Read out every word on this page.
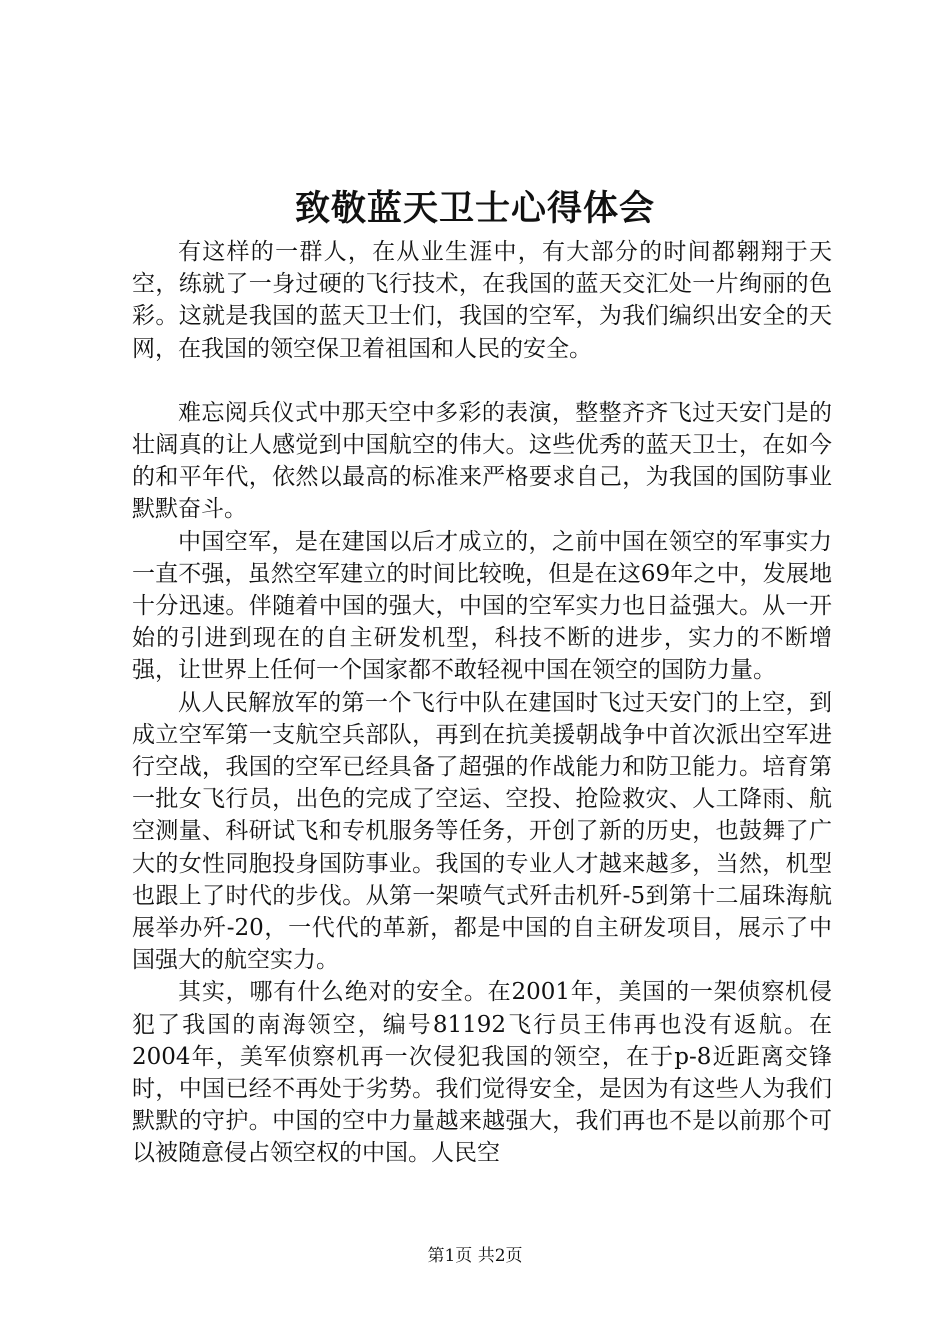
致敬蓝天卫士心得体会

有这样的一群人，在从业生涯中，有大部分的时间都翱翔于天空，练就了一身过硬的飞行技术，在我国的蓝天交汇处一片绚丽的色彩。这就是我国的蓝天卫士们，我国的空军，为我们编织出安全的天网，在我国的领空保卫着祖国和人民的安全。

难忘阅兵仪式中那天空中多彩的表演，整整齐齐飞过天安门是的壮阔真的让人感觉到中国航空的伟大。这些优秀的蓝天卫士，在如今的和平年代，依然以最高的标准来严格要求自己，为我国的国防事业默默奋斗。

中国空军，是在建国以后才成立的，之前中国在领空的军事实力一直不强，虽然空军建立的时间比较晚，但是在这69年之中，发展地十分迅速。伴随着中国的强大，中国的空军实力也日益强大。从一开始的引进到现在的自主研发机型，科技不断的进步，实力的不断增强，让世界上任何一个国家都不敢轻视中国在领空的国防力量。

从人民解放军的第一个飞行中队在建国时飞过天安门的上空，到成立空军第一支航空兵部队，再到在抗美援朝战争中首次派出空军进行空战，我国的空军已经具备了超强的作战能力和防卫能力。培育第一批女飞行员，出色的完成了空运、空投、抢险救灾、人工降雨、航空测量、科研试飞和专机服务等任务，开创了新的历史，也鼓舞了广大的女性同胞投身国防事业。我国的专业人才越来越多，当然，机型也跟上了时代的步伐。从第一架喷气式歼击机歼-5到第十二届珠海航展举办歼-20，一代代的革新，都是中国的自主研发项目，展示了中国强大的航空实力。

其实，哪有什么绝对的安全。在2001年，美国的一架侦察机侵犯了我国的南海领空，编号81192飞行员王伟再也没有返航。在2004年，美军侦察机再一次侵犯我国的领空，在于p-8近距离交锋时，中国已经不再处于劣势。我们觉得安全，是因为有这些人为我们默默的守护。中国的空中力量越来越强大，我们再也不是以前那个可以被随意侵占领空权的中国。人民空

第1页 共2页
